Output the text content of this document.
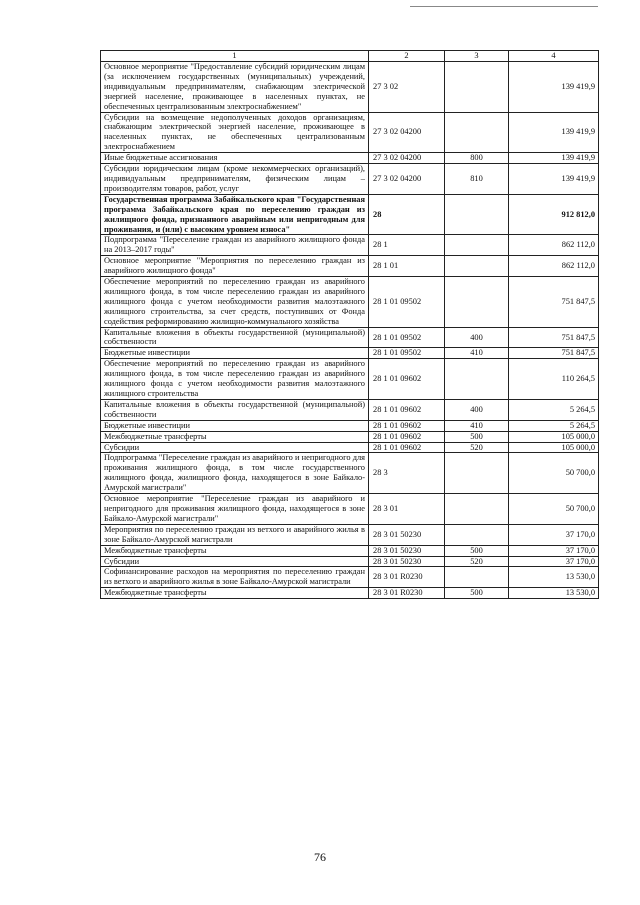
1	2	3	4
Основное мероприятие "Предоставление субсидий юридическим лицам (за исключением государственных (муниципальных) учреждений, индивидуальным предпринимателям, снабжающим электрической энергией население, проживающее в населенных пунктах, не обеспеченных централизованным электроснабжением"	27 3 02		139 419,9
Субсидии на возмещение недополученных доходов организациям, снабжающим электрической энергией население, проживающее в населенных пунктах, не обеспеченных централизованным электроснабжением	27 3 02 04200		139 419,9
Иные бюджетные ассигнования	27 3 02 04200	800	139 419,9
Субсидии юридическим лицам (кроме некоммерческих организаций), индивидуальным предпринимателям, физическим лицам – производителям товаров, работ, услуг	27 3 02 04200	810	139 419,9
Государственная программа Забайкальского края "Государственная программа Забайкальского края по переселению граждан из жилищного фонда, признанного аварийным или непригодным для проживания, и (или) с высоким уровнем износа"	28		912 812,0
Подпрограмма "Переселение граждан из аварийного жилищного фонда на 2013–2017 годы"	28 1		862 112,0
Основное мероприятие "Мероприятия по переселению граждан из аварийного жилищного фонда"	28 1 01		862 112,0
Обеспечение мероприятий по переселению граждан из аварийного жилищного фонда, в том числе переселению граждан из аварийного жилищного фонда с учетом необходимости развития малоэтажного жилищного строительства, за счет средств, поступивших от Фонда содействия реформированию жилищно-коммунального хозяйства	28 1 01 09502		751 847,5
Капитальные вложения в объекты государственной (муниципальной) собственности	28 1 01 09502	400	751 847,5
Бюджетные инвестиции	28 1 01 09502	410	751 847,5
Обеспечение мероприятий по переселению граждан из аварийного жилищного фонда, в том числе переселению граждан из аварийного жилищного фонда с учетом необходимости развития малоэтажного жилищного строительства	28 1 01 09602		110 264,5
Капитальные вложения в объекты государственной (муниципальной) собственности	28 1 01 09602	400	5 264,5
Бюджетные инвестиции	28 1 01 09602	410	5 264,5
Межбюджетные трансферты	28 1 01 09602	500	105 000,0
Субсидии	28 1 01 09602	520	105 000,0
Подпрограмма "Переселение граждан из аварийного и непригодного для проживания жилищного фонда, в том числе государственного жилищного фонда, жилищного фонда, находящегося в зоне Байкало-Амурской магистрали"	28 3		50 700,0
Основное мероприятие "Переселение граждан из аварийного и непригодного для проживания жилищного фонда, находящегося в зоне Байкало-Амурской магистрали"	28 3 01		50 700,0
Мероприятия по переселению граждан из ветхого и аварийного жилья в зоне Байкало-Амурской магистрали	28 3 01 50230		37 170,0
Межбюджетные трансферты	28 3 01 50230	500	37 170,0
Субсидии	28 3 01 50230	520	37 170,0
Софинансирование расходов на мероприятия по переселению граждан из ветхого и аварийного жилья в зоне Байкало-Амурской магистрали	28 3 01 R0230		13 530,0
Межбюджетные трансферты	28 3 01 R0230	500	13 530,0
76
